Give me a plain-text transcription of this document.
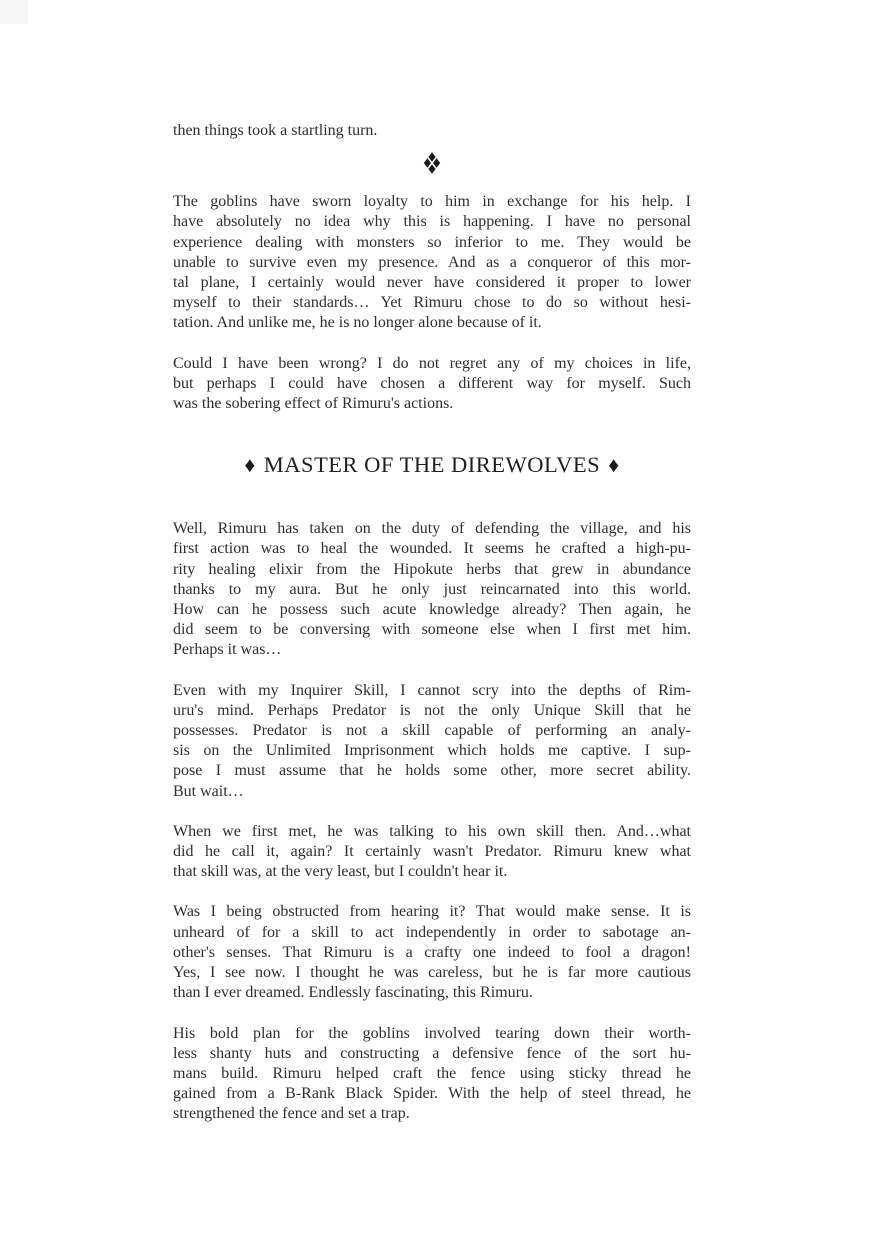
then things took a startling turn.

The goblins have sworn loyalty to him in exchange for his help. I
have absolutely no idea why this is happening. I have no personal
experience dealing with monsters so inferior to me. They would be
unable to survive even my presence. And as a conqueror of this mor-
tal plane, I certainly would never have considered it proper to lower
myself to their standards… Yet Rimuru chose to do so without hesi-
tation. And unlike me, he is no longer alone because of it.
Could I have been wrong? I do not regret any of my choices in life,
but perhaps I could have chosen a different way for myself. Such
was the sobering effect of Rimuru's actions.
♦ MASTER OF THE DIREWOLVES ♦
Well, Rimuru has taken on the duty of defending the village, and his
first action was to heal the wounded. It seems he crafted a high-pu-
rity healing elixir from the Hipokute herbs that grew in abundance
thanks to my aura. But he only just reincarnated into this world.
How can he possess such acute knowledge already? Then again, he
did seem to be conversing with someone else when I first met him.
Perhaps it was…
Even with my Inquirer Skill, I cannot scry into the depths of Rim-
uru's mind. Perhaps Predator is not the only Unique Skill that he
possesses. Predator is not a skill capable of performing an analy-
sis on the Unlimited Imprisonment which holds me captive. I sup-
pose I must assume that he holds some other, more secret ability.
But wait…
When we first met, he was talking to his own skill then. And…what
did he call it, again? It certainly wasn't Predator. Rimuru knew what
that skill was, at the very least, but I couldn't hear it.
Was I being obstructed from hearing it? That would make sense. It is
unheard of for a skill to act independently in order to sabotage an-
other's senses. That Rimuru is a crafty one indeed to fool a dragon!
Yes, I see now. I thought he was careless, but he is far more cautious
than I ever dreamed. Endlessly fascinating, this Rimuru.
His bold plan for the goblins involved tearing down their worth-
less shanty huts and constructing a defensive fence of the sort hu-
mans build. Rimuru helped craft the fence using sticky thread he
gained from a B-Rank Black Spider. With the help of steel thread, he
strengthened the fence and set a trap.
